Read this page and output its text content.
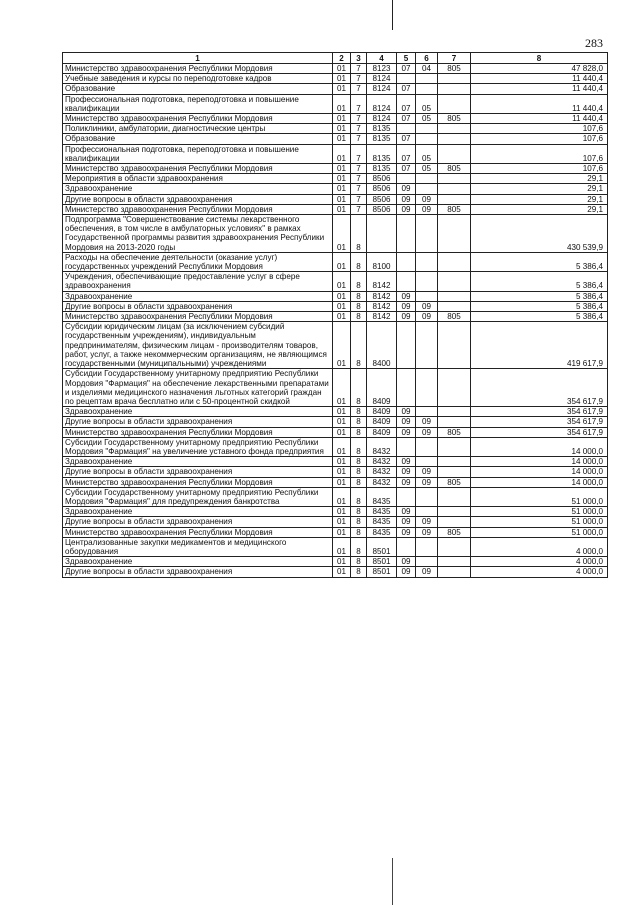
283
1	2	3	4	5	6	7	8
Министерство здравоохранения Республики Мордовия	01	7	8123	07	04	805	47 828,0
Учебные заведения и курсы по переподготовке кадров	01	7	8124				11 440,4
Образование	01	7	8124	07			11 440,4
Профессиональная подготовка, переподготовка и повышение квалификации	01	7	8124	07	05		11 440,4
Министерство здравоохранения Республики Мордовия	01	7	8124	07	05	805	11 440,4
Поликлиники, амбулатории, диагностические центры	01	7	8135				107,6
Образование	01	7	8135	07			107,6
Профессиональная подготовка, переподготовка и повышение квалификации	01	7	8135	07	05		107,6
Министерство здравоохранения Республики Мордовия	01	7	8135	07	05	805	107,6
Мероприятия в области здравоохранения	01	7	8506				29,1
Здравоохранение	01	7	8506	09			29,1
Другие вопросы в области здравоохранения	01	7	8506	09	09		29,1
Министерство здравоохранения Республики Мордовия	01	7	8506	09	09	805	29,1
Подпрограмма "Совершенствование системы лекарственного обеспечения, в том числе в амбулаторных условиях" в рамках Государственной программы развития здравоохранения Республики Мордовия на 2013-2020 годы	01	8					430 539,9
Расходы на обеспечение деятельности (оказание услуг) государственных учреждений Республики Мордовия	01	8	8100				5 386,4
Учреждения, обеспечивающие предоставление услуг в сфере здравоохранения	01	8	8142				5 386,4
Здравоохранение	01	8	8142	09			5 386,4
Другие вопросы в области здравоохранения	01	8	8142	09	09		5 386,4
Министерство здравоохранения Республики Мордовия	01	8	8142	09	09	805	5 386,4
Субсидии юридическим лицам (за исключением субсидий государственным учреждениям), индивидуальным предпринимателям, физическим лицам - производителям товаров, работ, услуг, а также некоммерческим организациям, не являющимся государственными (муниципальными) учреждениями	01	8	8400				419 617,9
Субсидии Государственному унитарному предприятию Республики Мордовия "Фармация" на обеспечение лекарственными препаратами и изделиями медицинского назначения льготных категорий граждан по рецептам врача бесплатно или с 50-процентной скидкой	01	8	8409				354 617,9
Здравоохранение	01	8	8409	09			354 617,9
Другие вопросы в области здравоохранения	01	8	8409	09	09		354 617,9
Министерство здравоохранения Республики Мордовия	01	8	8409	09	09	805	354 617,9
Субсидии Государственному унитарному предприятию Республики Мордовия "Фармация" на увеличение уставного фонда предприятия	01	8	8432				14 000,0
Здравоохранение	01	8	8432	09			14 000,0
Другие вопросы в области здравоохранения	01	8	8432	09	09		14 000,0
Министерство здравоохранения Республики Мордовия	01	8	8432	09	09	805	14 000,0
Субсидии Государственному унитарному предприятию Республики Мордовия "Фармация" для предупреждения банкротства	01	8	8435				51 000,0
Здравоохранение	01	8	8435	09			51 000,0
Другие вопросы в области здравоохранения	01	8	8435	09	09		51 000,0
Министерство здравоохранения Республики Мордовия	01	8	8435	09	09	805	51 000,0
Централизованные закупки медикаментов и медицинского оборудования	01	8	8501				4 000,0
Здравоохранение	01	8	8501	09			4 000,0
Другие вопросы в области здравоохранения	01	8	8501	09	09		4 000,0
